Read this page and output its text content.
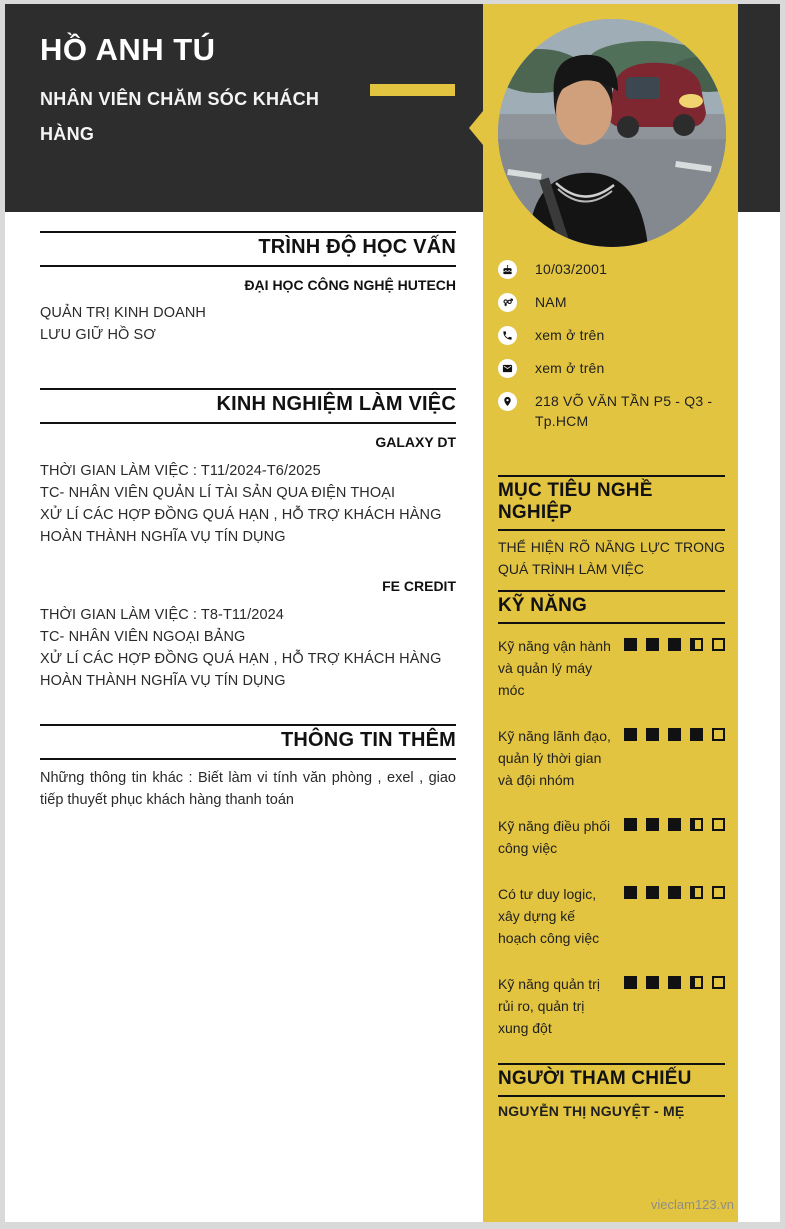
HỒ ANH TÚ
NHÂN VIÊN CHĂM SÓC KHÁCH HÀNG
TRÌNH ĐỘ HỌC VẤN
ĐẠI HỌC CÔNG NGHỆ HUTECH
QUẢN TRỊ KINH DOANH
LƯU GIỮ HỒ SƠ
KINH NGHIỆM LÀM VIỆC
GALAXY DT
THỜI GIAN LÀM VIỆC : T11/2024-T6/2025
TC- NHÂN VIÊN QUẢN LÍ TÀI SẢN QUA ĐIỆN THOẠI
XỬ LÍ CÁC HỢP ĐỒNG QUÁ HẠN , HỖ TRỢ KHÁCH HÀNG HOÀN THÀNH NGHĨA VỤ TÍN DỤNG
FE CREDIT
THỜI GIAN LÀM VIỆC : T8-T11/2024
TC- NHÂN VIÊN NGOẠI BẢNG
XỬ LÍ CÁC HỢP ĐỒNG QUÁ HẠN , HỖ TRỢ KHÁCH HÀNG HOÀN THÀNH NGHĨA VỤ TÍN DỤNG
THÔNG TIN THÊM
Những thông tin khác : Biết làm vi tính văn phòng , exel , giao tiếp thuyết phục khách hàng thanh toán
10/03/2001
NAM
xem ở trên
xem ở trên
218 VÕ VĂN TẦN P5 - Q3 - Tp.HCM
MỤC TIÊU NGHỀ NGHIỆP
THỂ HIỆN RÕ NĂNG LỰC TRONG QUÁ TRÌNH LÀM VIỆC
KỸ NĂNG
Kỹ năng vận hành và quản lý máy móc
Kỹ năng lãnh đạo, quản lý thời gian và đội nhóm
Kỹ năng điều phối công việc
Có tư duy logic, xây dựng kế hoạch công việc
Kỹ năng quản trị rủi ro, quản trị xung đột
NGƯỜI THAM CHIẾU
NGUYỄN THỊ NGUYỆT - MẸ
vieclam123.vn
